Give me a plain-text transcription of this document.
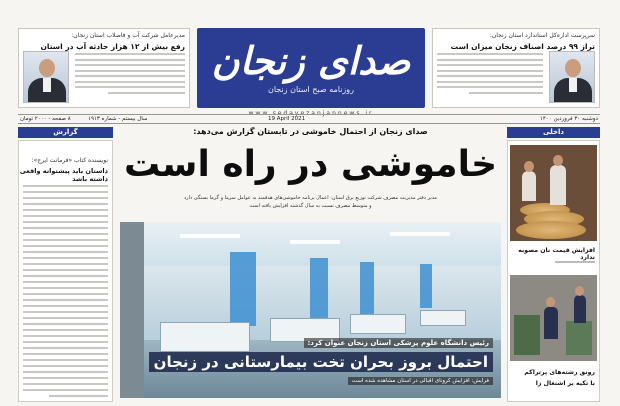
مدیرعامل شرکت آب و فاضلاب استان زنجان:
رفع بیش از ۱۲ هزار حادثه آب در استان صدای زنجان
روزنامه صبح استان زنجان
www.sedayezanjannews.ir
سرپرست اداره‌کل استاندارد استان زنجان:
تراز ۹۹ درصد اصناف زنجان میزان است
دوشنبه ۳۰ فروردین ۱۴۰۰
19 April 2021
سال بیستم - شماره ۱۹۱۳
۸ صفحه - ۲۰۰۰ تومان
گزارش	داخلی
نویسنده کتاب «فرمانت ایرج»:
داستان باید پیشتوانه واقعی داشته باشد
صدای زنجان از احتمال خاموشی در تابستان گزارش می‌دهد:
خاموشی در راه است
مدیر دفتر مدیریت مصرف شرکت توزیع برق استان: اعمال برنامه خاموشی‌های هدفمند به عوامل سرما و گرما بستگی دارد
و متوسط مصرف نسبت به سال گذشته افزایش یافته است
رئیس دانشگاه علوم پزشکی استان زنجان عنوان کرد:
احتمال بروز بحران تخت بیمارستانی در زنجان
فرایش: افزایش کرونای اقبالی در استان مشاهده شده است
افزایش قیمت نان مصوبه ندارد
رونق رشته‌های پرتراکم
با تکیه بر اشتغال زا
